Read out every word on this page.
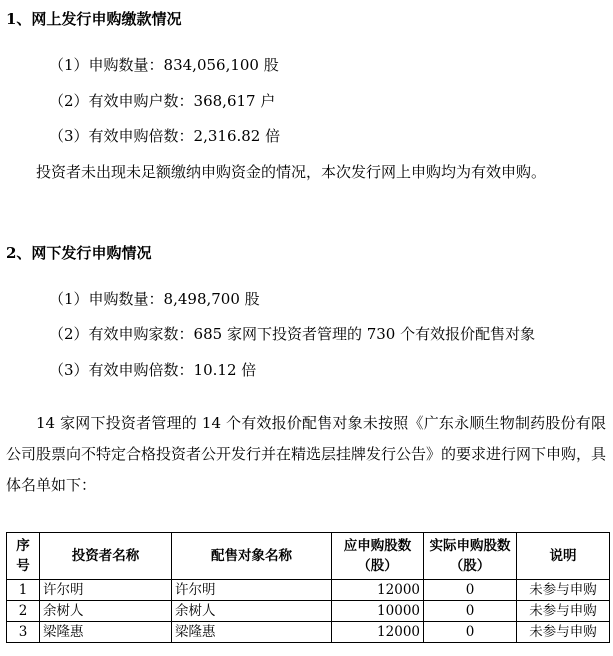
1、网上发行申购缴款情况
（1）申购数量：834,056,100 股
（2）有效申购户数：368,617 户
（3）有效申购倍数：2,316.82 倍
投资者未出现未足额缴纳申购资金的情况，本次发行网上申购均为有效申购。
2、网下发行申购情况
（1）申购数量：8,498,700 股
（2）有效申购家数：685 家网下投资者管理的 730 个有效报价配售对象
（3）有效申购倍数：10.12 倍
14 家网下投资者管理的 14 个有效报价配售对象未按照《广东永顺生物制药股份有限公司股票向不特定合格投资者公开发行并在精选层挂牌发行公告》的要求进行网下申购，具体名单如下：
序号	投资者名称	配售对象名称	应申购股数（股）	实际申购股数（股）	说明
1	许尔明	许尔明	12000	0	未参与申购
2	余树人	余树人	10000	0	未参与申购
3	梁隆惠	梁隆惠	12000	0	未参与申购
